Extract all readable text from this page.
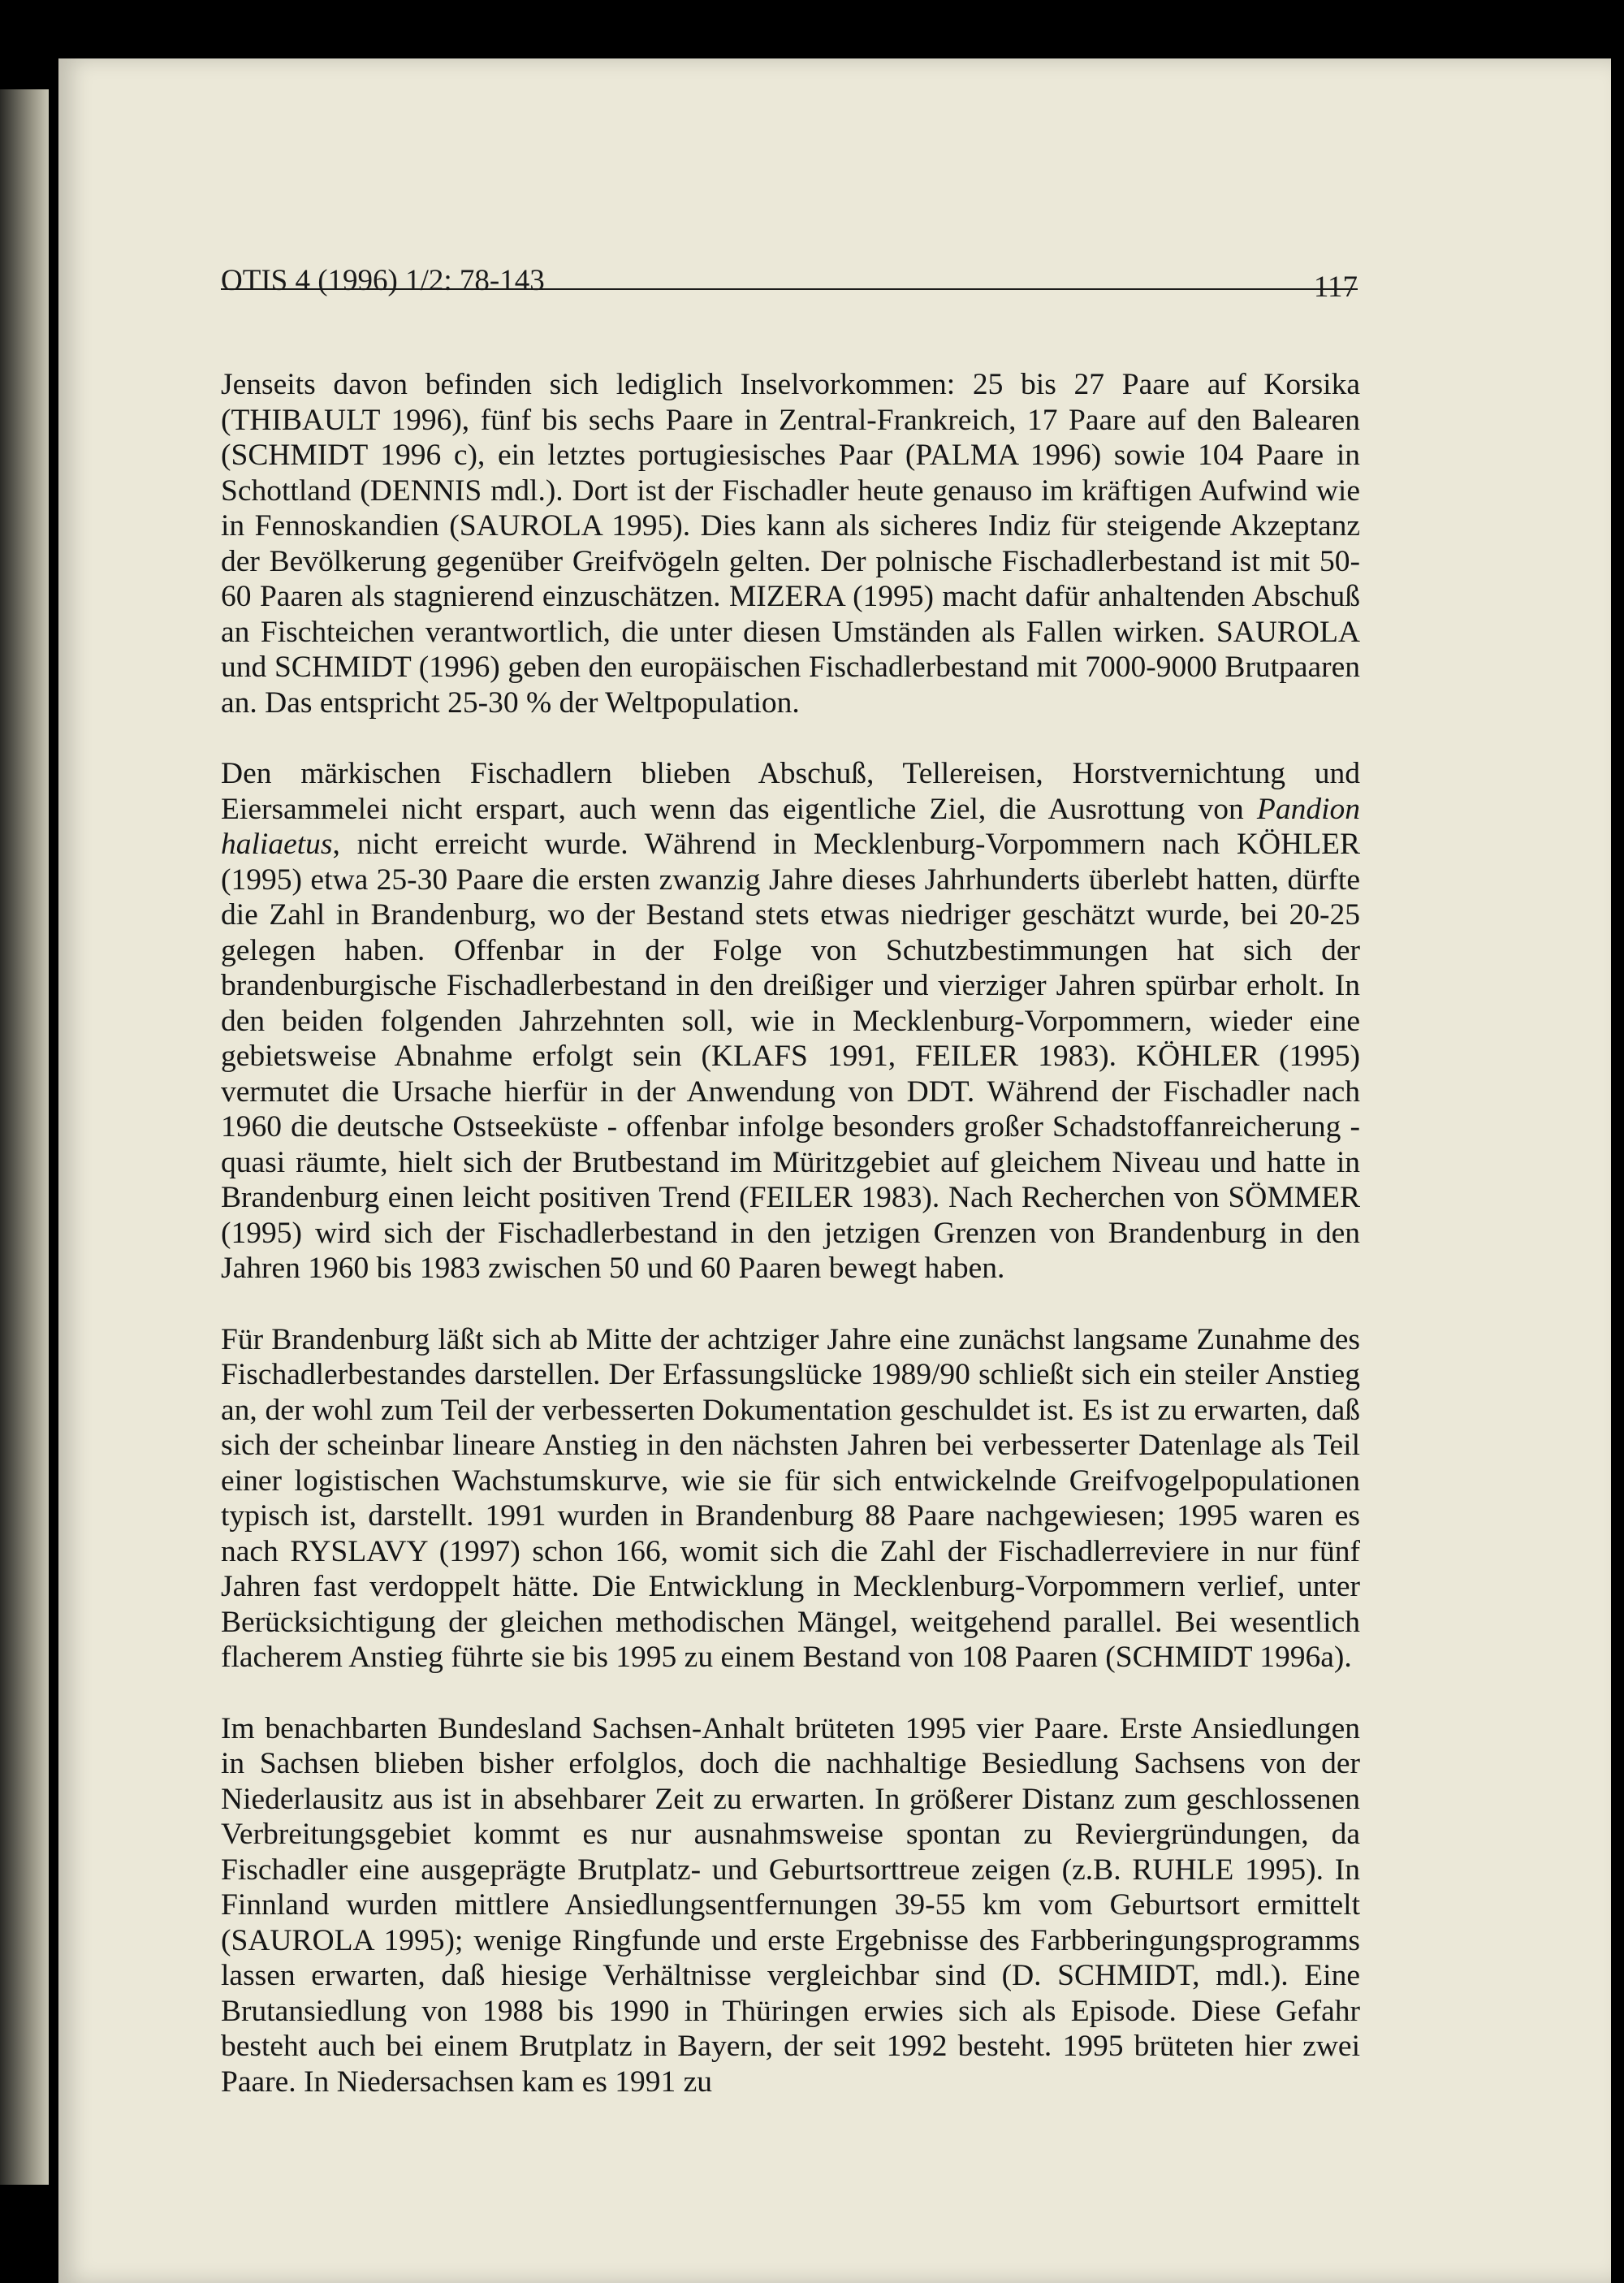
OTIS 4 (1996) 1/2: 78-143	117

Jenseits davon befinden sich lediglich Inselvorkommen: 25 bis 27 Paare auf Korsika (THIBAULT 1996), fünf bis sechs Paare in Zentral-Frankreich, 17 Paare auf den Balearen (SCHMIDT 1996 c), ein letztes portugiesisches Paar (PALMA 1996) sowie 104 Paare in Schottland (DENNIS mdl.). Dort ist der Fischadler heute genauso im kräftigen Aufwind wie in Fennoskandien (SAUROLA 1995). Dies kann als sicheres Indiz für steigende Akzeptanz der Bevölkerung gegenüber Greifvögeln gelten. Der polnische Fischadlerbestand ist mit 50-60 Paaren als stagnierend einzuschätzen. MIZERA (1995) macht dafür anhaltenden Abschuß an Fischteichen verantwortlich, die unter diesen Umständen als Fallen wirken. SAUROLA und SCHMIDT (1996) geben den europäischen Fischadlerbestand mit 7000-9000 Brutpaaren an. Das entspricht 25-30 % der Weltpopulation.

Den märkischen Fischadlern blieben Abschuß, Tellereisen, Horstvernichtung und Eiersammelei nicht erspart, auch wenn das eigentliche Ziel, die Ausrottung von Pandion haliaetus, nicht erreicht wurde. Während in Mecklenburg-Vorpommern nach KÖHLER (1995) etwa 25-30 Paare die ersten zwanzig Jahre dieses Jahrhunderts überlebt hatten, dürfte die Zahl in Brandenburg, wo der Bestand stets etwas niedriger geschätzt wurde, bei 20-25 gelegen haben. Offenbar in der Folge von Schutzbestimmungen hat sich der brandenburgische Fischadlerbestand in den dreißiger und vierziger Jahren spürbar erholt. In den beiden folgenden Jahrzehnten soll, wie in Mecklenburg-Vorpommern, wieder eine gebietsweise Abnahme erfolgt sein (KLAFS 1991, FEILER 1983). KÖHLER (1995) vermutet die Ursache hierfür in der Anwendung von DDT. Während der Fischadler nach 1960 die deutsche Ostseeküste - offenbar infolge besonders großer Schadstoffanreicherung - quasi räumte, hielt sich der Brutbestand im Müritzgebiet auf gleichem Niveau und hatte in Brandenburg einen leicht positiven Trend (FEILER 1983). Nach Recherchen von SÖMMER (1995) wird sich der Fischadlerbestand in den jetzigen Grenzen von Brandenburg in den Jahren 1960 bis 1983 zwischen 50 und 60 Paaren bewegt haben.

Für Brandenburg läßt sich ab Mitte der achtziger Jahre eine zunächst langsame Zunahme des Fischadlerbestandes darstellen. Der Erfassungslücke 1989/90 schließt sich ein steiler Anstieg an, der wohl zum Teil der verbesserten Dokumentation geschuldet ist. Es ist zu erwarten, daß sich der scheinbar lineare Anstieg in den nächsten Jahren bei verbesserter Datenlage als Teil einer logistischen Wachstumskurve, wie sie für sich entwickelnde Greifvogelpopulationen typisch ist, darstellt. 1991 wurden in Brandenburg 88 Paare nachgewiesen; 1995 waren es nach RYSLAVY (1997) schon 166, womit sich die Zahl der Fischadlerreviere in nur fünf Jahren fast verdoppelt hätte. Die Entwicklung in Mecklenburg-Vorpommern verlief, unter Berücksichtigung der gleichen methodischen Mängel, weitgehend parallel. Bei wesentlich flacherem Anstieg führte sie bis 1995 zu einem Bestand von 108 Paaren (SCHMIDT 1996a).

Im benachbarten Bundesland Sachsen-Anhalt brüteten 1995 vier Paare. Erste Ansiedlungen in Sachsen blieben bisher erfolglos, doch die nachhaltige Besiedlung Sachsens von der Niederlausitz aus ist in absehbarer Zeit zu erwarten. In größerer Distanz zum geschlossenen Verbreitungsgebiet kommt es nur ausnahmsweise spontan zu Reviergründungen, da Fischadler eine ausgeprägte Brutplatz- und Geburtsorttreue zeigen (z.B. RUHLE 1995). In Finnland wurden mittlere Ansiedlungsentfernungen 39-55 km vom Geburtsort ermittelt (SAUROLA 1995); wenige Ringfunde und erste Ergebnisse des Farbberingungsprogramms lassen erwarten, daß hiesige Verhältnisse vergleichbar sind (D. SCHMIDT, mdl.). Eine Brutansiedlung von 1988 bis 1990 in Thüringen erwies sich als Episode. Diese Gefahr besteht auch bei einem Brutplatz in Bayern, der seit 1992 besteht. 1995 brüteten hier zwei Paare. In Niedersachsen kam es 1991 zu
